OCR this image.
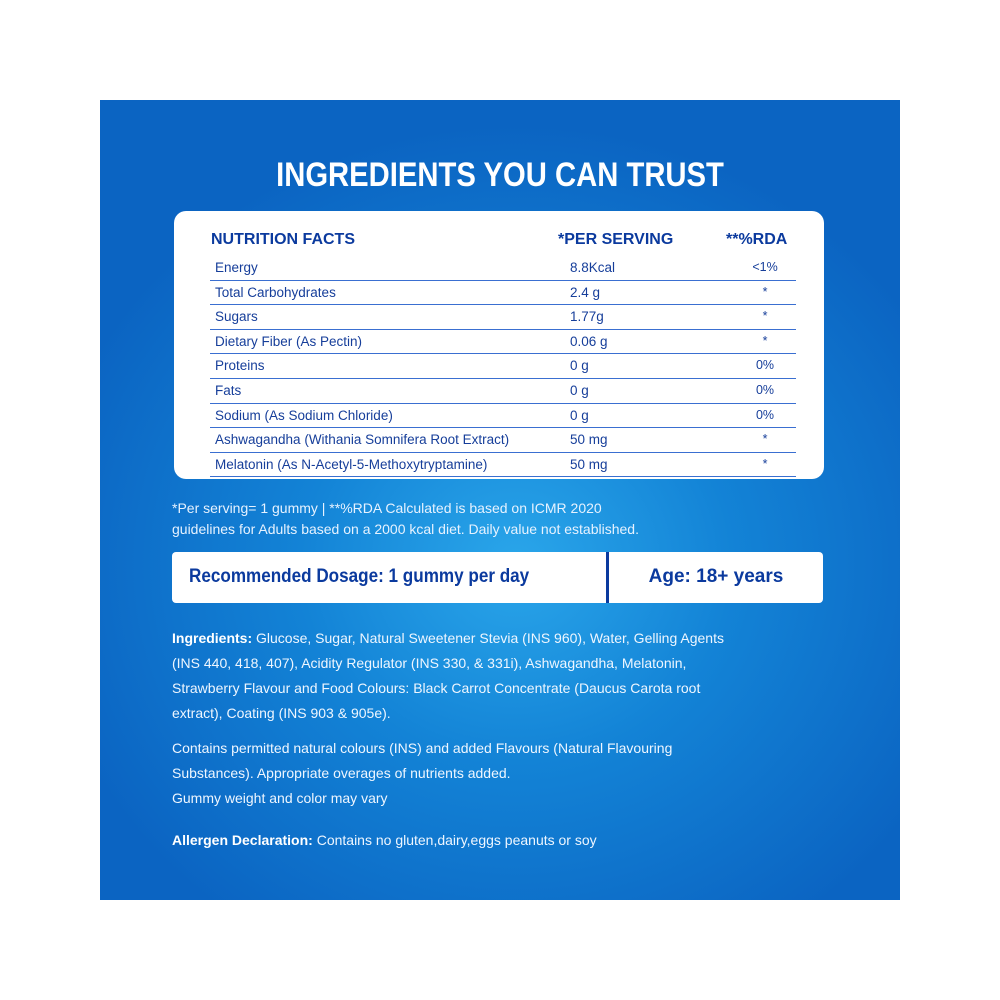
INGREDIENTS YOU CAN TRUST
NUTRITION FACTS	*PER SERVING	**%RDA
Energy	8.8Kcal	<1%
Total Carbohydrates	2.4 g	*
Sugars	1.77g	*
Dietary Fiber (As Pectin)	0.06 g	*
Proteins	0 g	0%
Fats	0 g	0%
Sodium (As Sodium Chloride)	0 g	0%
Ashwagandha (Withania Somnifera Root Extract)	50 mg	*
Melatonin (As N-Acetyl-5-Methoxytryptamine)	50 mg	*
*Per serving= 1 gummy | **%RDA Calculated is based on ICMR 2020
guidelines for Adults based on a 2000 kcal diet. Daily value not established.
Recommended Dosage: 1 gummy per day	Age: 18+ years
Ingredients: Glucose, Sugar, Natural Sweetener Stevia (INS 960), Water, Gelling Agents (INS 440, 418, 407), Acidity Regulator (INS 330, & 331i), Ashwagandha, Melatonin, Strawberry Flavour and Food Colours: Black Carrot Concentrate (Daucus Carota root extract), Coating (INS 903 & 905e).
Contains permitted natural colours (INS) and added Flavours (Natural Flavouring Substances). Appropriate overages of nutrients added.
Gummy weight and color may vary
Allergen Declaration: Contains no gluten,dairy,eggs peanuts or soy
